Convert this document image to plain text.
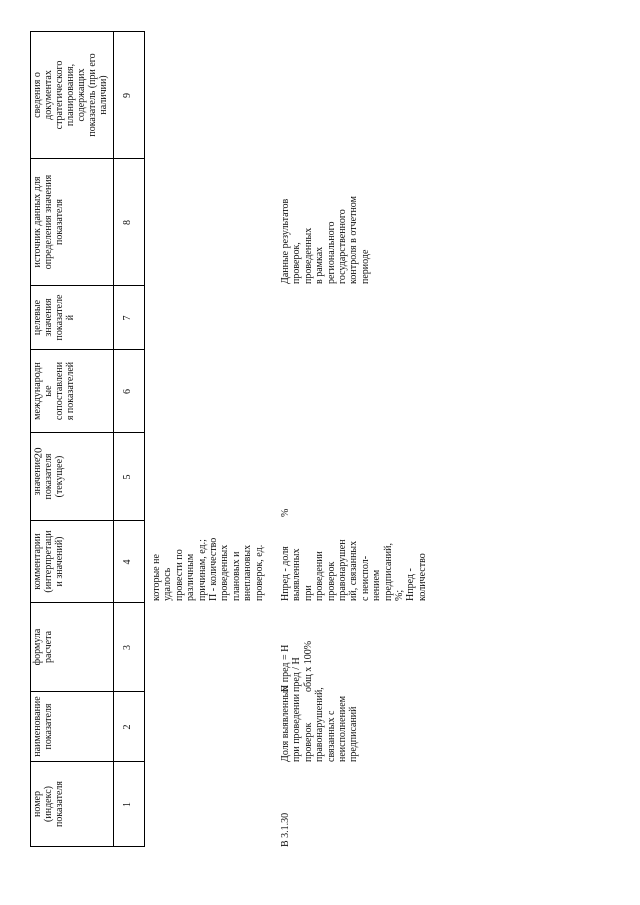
20
номер
(индекс)
показателя
наименование
показателя
формула
расчета
комментарии
(интерпретаци
и значений)
значение
показателя
(текущее)
международн
ые
сопоставлени
я показателей
целевые
значения
показателе
й
источник данных для
определения значения
показателя
сведения о
документах
стратегического
планирования,
содержащих
показатель (при его
наличии)
1
2
3
4
5
6
7
8
9
которые не
удалось
провести по
различным
причинам, ед.;
П - количество
проведенных
плановых и
внеплановых
проверок, ед.
В 3.1.30
Доля выявленных
при проведении
проверок
правонарушений,
связанных с
неисполнением
предписаний
П пред = Н
пред / Н
общ x 100%
Нпред - доля
выявленных
при
проведении
проверок
правонарушен
ий, связанных
с неиспол-
нением
предписаний,
%;
Нпред -
количество
%
Данные результатов
проверок,
проведенных
в рамках
регионального
государственного
контроля в отчетном
периоде
